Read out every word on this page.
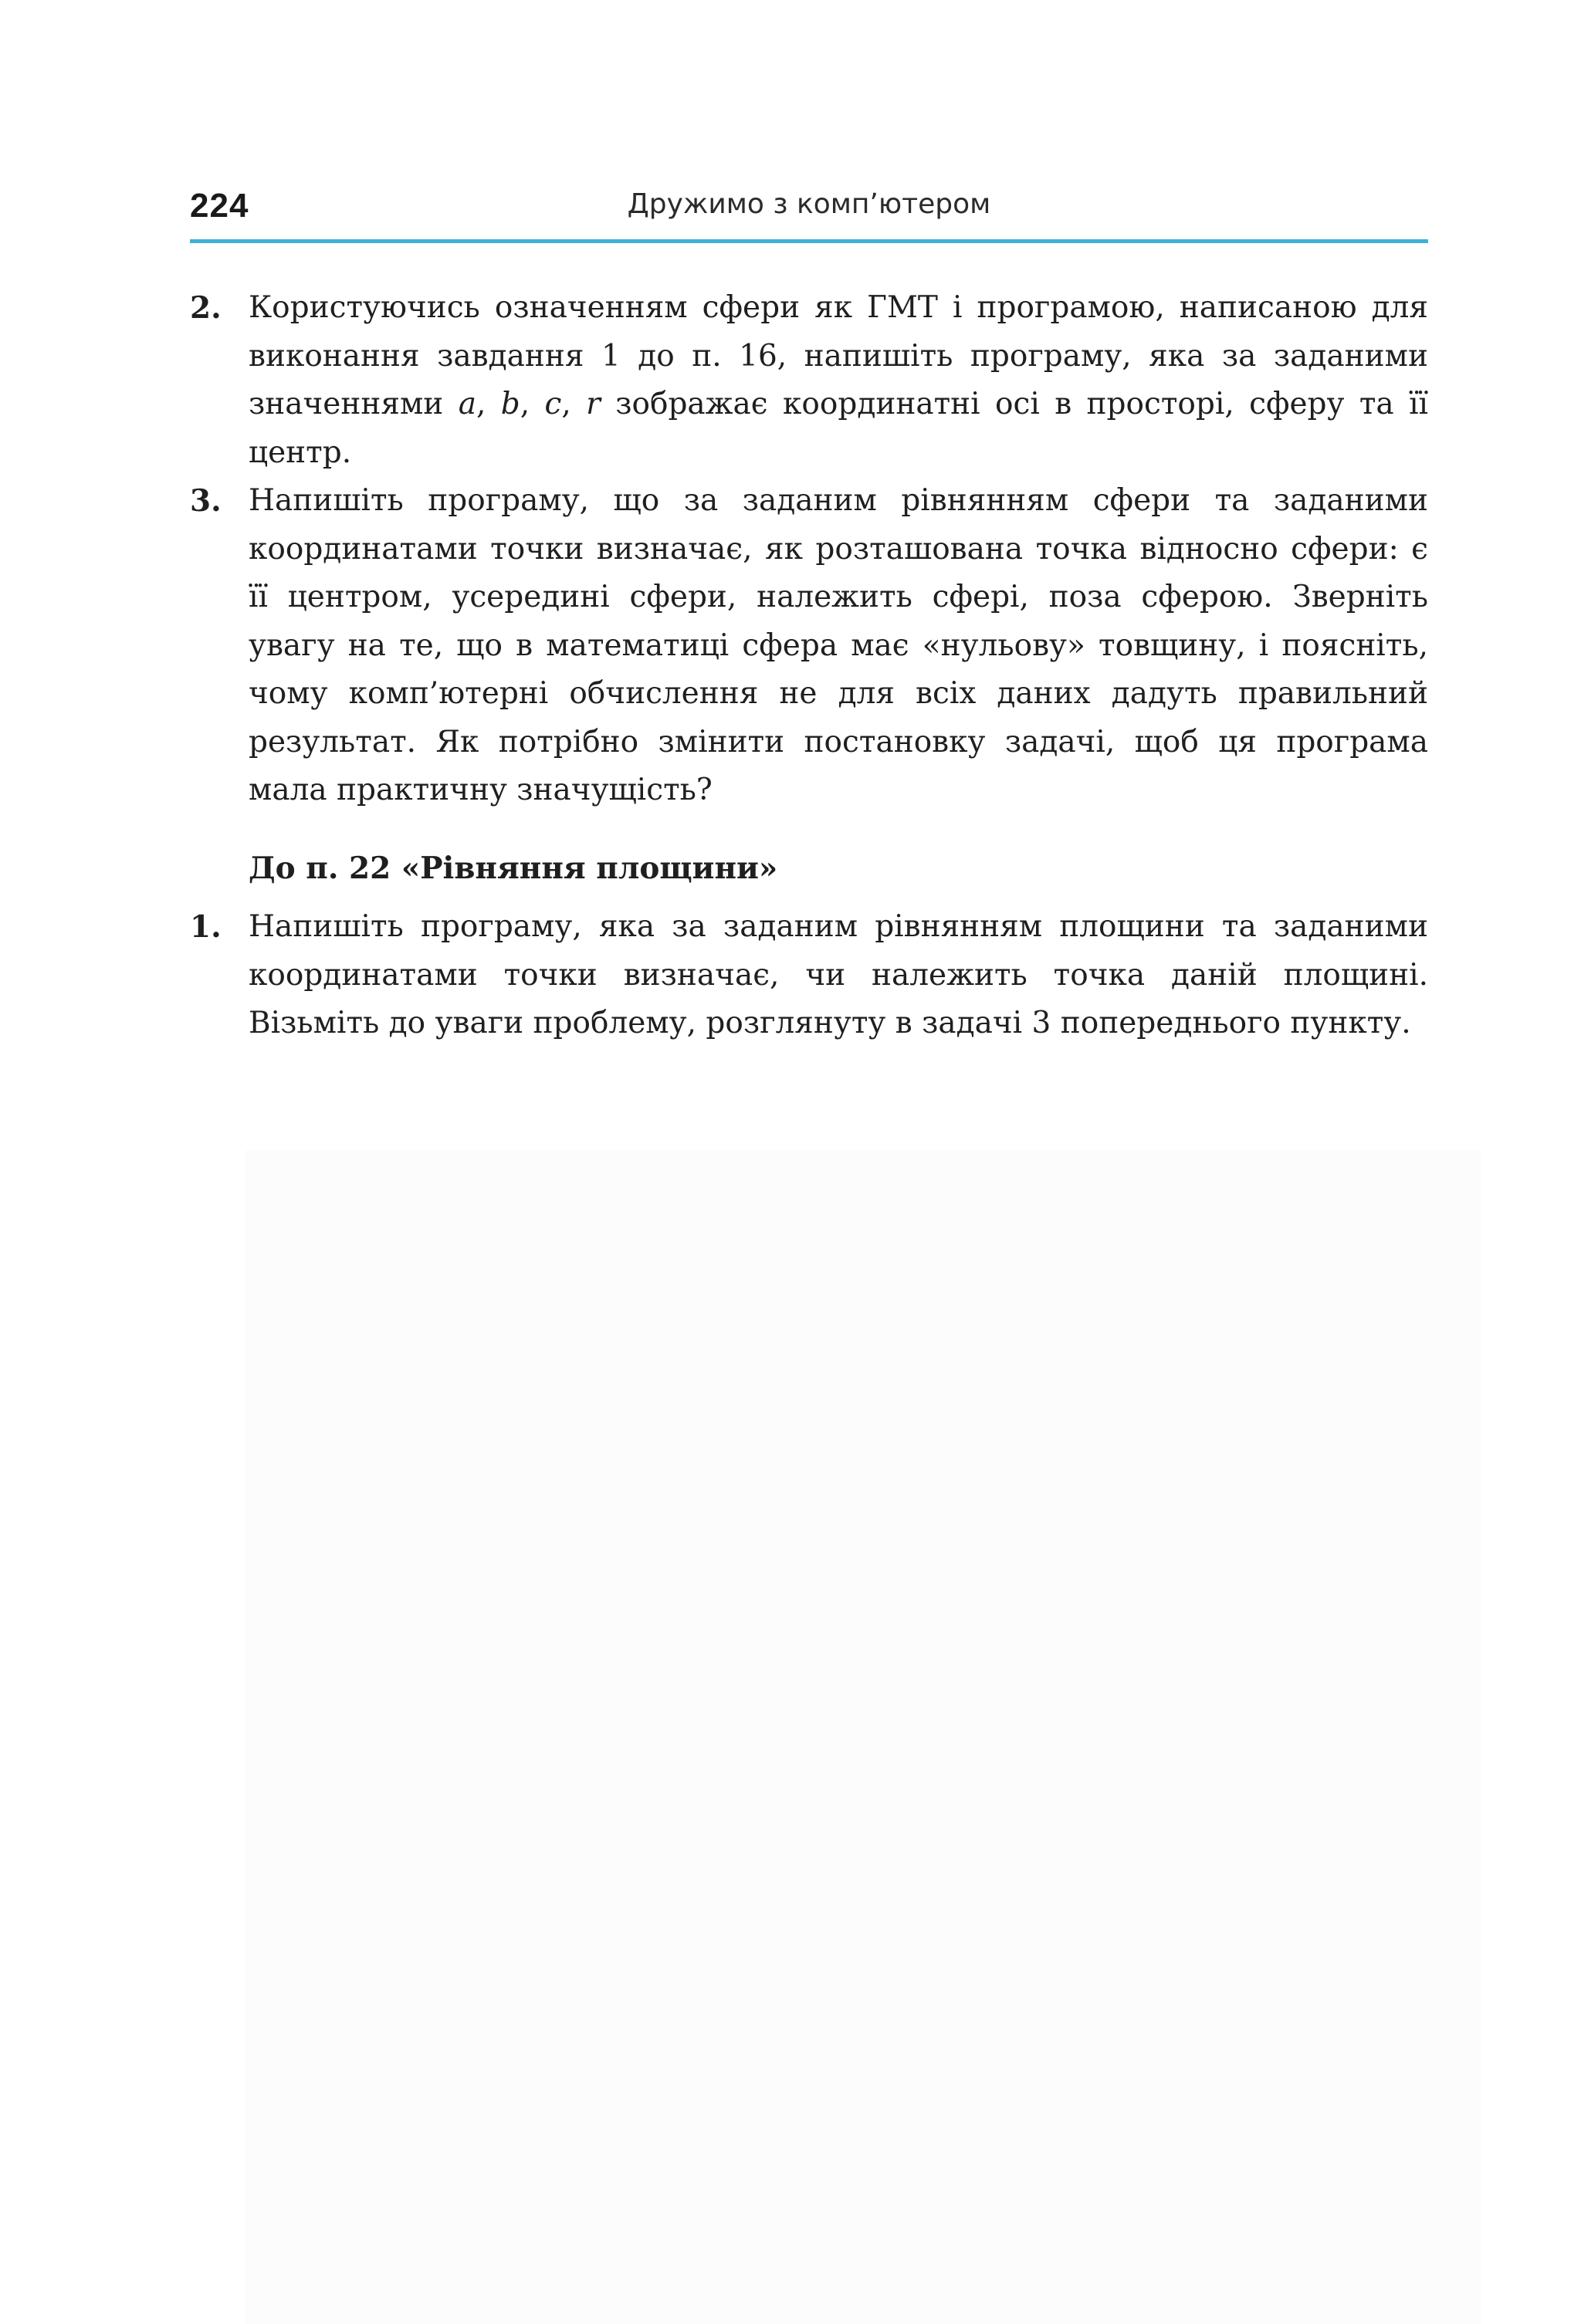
224	Дружимо з комп’ютером
2. Користуючись означенням сфери як ГМТ і програмою, написаною для виконання завдання 1 до п. 16, напишіть програму, яка за заданими значеннями a, b, c, r зображає координатні осі в просторі, сферу та її центр.
3. Напишіть програму, що за заданим рівнянням сфери та заданими координатами точки визначає, як розташована точка відносно сфери: є її центром, усередині сфери, належить сфері, поза сферою. Зверніть увагу на те, що в математиці сфера має «нульову» товщину, і поясніть, чому комп’ютерні обчислення не для всіх даних дадуть правильний результат. Як потрібно змінити постановку задачі, щоб ця програма мала практичну значущість?
До п. 22 «Рівняння площини»
1. Напишіть програму, яка за заданим рівнянням площини та заданими координатами точки визначає, чи належить точка даній площині. Візьміть до уваги проблему, розглянуту в задачі 3 попереднього пункту.
